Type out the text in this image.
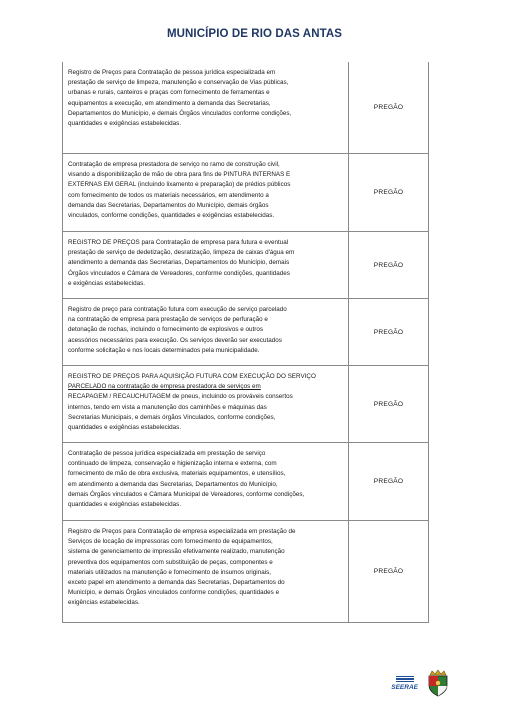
MUNICÍPIO DE RIO DAS ANTAS
Registro de Preços para Contratação de pessoa jurídica especializada em
prestação de serviço de limpeza, manutenção e conservação de Vias públicas,
urbanas e rurais, canteiros e praças com fornecimento de ferramentas e
equipamentos a execução, em atendimento a demanda das Secretarias,
Departamentos do Município, e demais Órgãos vinculados conforme condições,
quantidades e exigências estabelecidas.
PREGÃO
Contratação de empresa prestadora de serviço no ramo de construção civil,
visando a disponibilização de mão de obra para fins de PINTURA INTERNAS E
EXTERNAS EM GERAL (incluindo lixamento e preparação) de prédios públicos
com fornecimento de todos os materiais necessários, em atendimento a
demanda das Secretarias, Departamentos do Município, demais órgãos
vinculados, conforme condições, quantidades e exigências estabelecidas.
PREGÃO
REGISTRO DE PREÇOS para Contratação de empresa para futura e eventual
prestação de serviço de dedetização, desratização, limpeza de caixas d'água em
atendimento a demanda das Secretarias, Departamentos do Município, demais
Órgãos vinculados e Câmara de Vereadores, conforme condições, quantidades
e exigências estabelecidas.
PREGÃO
Registro de preço para contratação futura com execução de serviço parcelado
na contratação de empresa para prestação de serviços de perfuração e
detonação de rochas, incluindo o fornecimento de explosivos e outros
acessórios necessários para execução. Os serviços deverão ser executados
conforme solicitação e nos locais determinados pela municipalidade.
PREGÃO
REGISTRO DE PREÇOS PARA AQUISIÇÃO FUTURA COM EXECUÇÃO DO SERVIÇO
PARCELADO na contratação de empresa prestadora de serviços em
RECAPAGEM / RECAUCHUTAGEM de pneus, incluindo os prováveis consertos
internos, tendo em vista a manutenção dos caminhões e máquinas das
Secretarias Municipais, e demais órgãos Vinculados, conforme condições,
quantidades e exigências estabelecidas.
PREGÃO
Contratação de pessoa jurídica especializada em prestação de serviço
continuado de limpeza, conservação e higienização interna e externa, com
fornecimento de mão de obra exclusiva, materiais equipamentos, e utensílios,
em atendimento a demanda das Secretarias, Departamentos do Município,
demais Órgãos vinculados e Câmara Municipal de Vereadores, conforme condições,
quantidades e exigências estabelecidas.
PREGÃO
Registro de Preços para Contratação de empresa especializada em prestação de
Serviços de locação de impressoras com fornecimento de equipamentos,
sistema de gerenciamento de impressão efetivamente realizado, manutenção
preventiva dos equipamentos com substituição de peças, componentes e
materiais utilizados na manutenção e fornecimento de insumos originais,
exceto papel em atendimento a demanda das Secretarias, Departamentos do
Município, e demais Órgãos vinculados conforme condições, quantidades e
exigências estabelecidas.
PREGÃO
SEERAE
